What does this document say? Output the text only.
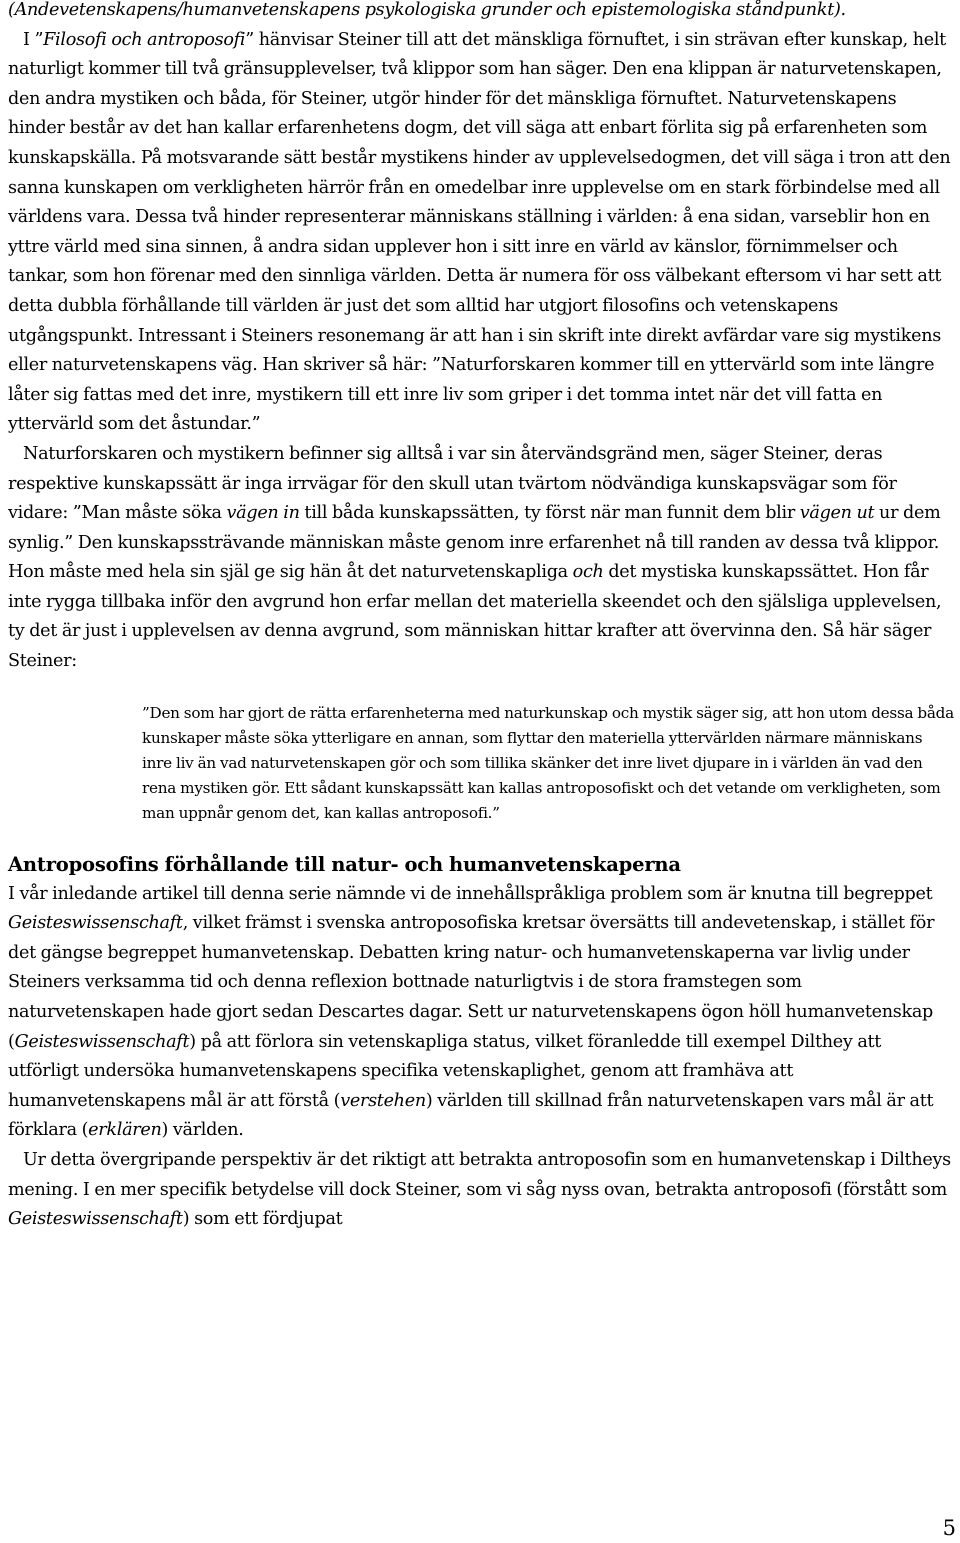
(Andevetenskapens/humanvetenskapens psykologiska grunder och epistemologiska ståndpunkt).

I ”Filosofi och antroposofi” hänvisar Steiner till att det mänskliga förnuftet, i sin strävan efter kunskap, helt naturligt kommer till två gränsupplevelser, två klippor som han säger. Den ena klippan är naturvetenskapen, den andra mystiken och båda, för Steiner, utgör hinder för det mänskliga förnuftet. Naturvetenskapens hinder består av det han kallar erfarenhetens dogm, det vill säga att enbart förlita sig på erfarenheten som kunskapskälla. På motsvarande sätt består mystikens hinder av upplevelsedogmen, det vill säga i tron att den sanna kunskapen om verkligheten härrör från en omedelbar inre upplevelse om en stark förbindelse med all världens vara. Dessa två hinder representerar människans ställning i världen: å ena sidan, varseblir hon en yttre värld med sina sinnen, å andra sidan upplever hon i sitt inre en värld av känslor, förnimmelser och tankar, som hon förenar med den sinnliga världen. Detta är numera för oss välbekant eftersom vi har sett att detta dubbla förhållande till världen är just det som alltid har utgjort filosofins och vetenskapens utgångspunkt. Intressant i Steiners resonemang är att han i sin skrift inte direkt avfärdar vare sig mystikens eller naturvetenskapens väg. Han skriver så här: ”Naturforskaren kommer till en yttervärld som inte längre låter sig fattas med det inre, mystikern till ett inre liv som griper i det tomma intet när det vill fatta en yttervärld som det åstundar.”

Naturforskaren och mystikern befinner sig alltså i var sin återvändsgränd men, säger Steiner, deras respektive kunskapssätt är inga irrvägar för den skull utan tvärtom nödvändiga kunskapsvägar som för vidare: ”Man måste söka vägen in till båda kunskapssätten, ty först när man funnit dem blir vägen ut ur dem synlig.” Den kunskapssträvande människan måste genom inre erfarenhet nå till randen av dessa två klippor. Hon måste med hela sin själ ge sig hän åt det naturvetenskapliga och det mystiska kunskapssättet. Hon får inte rygga tillbaka inför den avgrund hon erfar mellan det materiella skeendet och den själsliga upplevelsen, ty det är just i upplevelsen av denna avgrund, som människan hittar krafter att övervinna den. Så här säger Steiner:

”Den som har gjort de rätta erfarenheterna med naturkunskap och mystik säger sig, att hon utom dessa båda kunskaper måste söka ytterligare en annan, som flyttar den materiella yttervärlden närmare människans inre liv än vad naturvetenskapen gör och som tillika skänker det inre livet djupare in i världen än vad den rena mystiken gör. Ett sådant kunskapssätt kan kallas antroposofiskt och det vetande om verkligheten, som man uppnår genom det, kan kallas antroposofi.”

Antroposofins förhållande till natur- och humanvetenskaperna

I vår inledande artikel till denna serie nämnde vi de innehållspråkliga problem som är knutna till begreppet Geisteswissenschaft, vilket främst i svenska antroposofiska kretsar översätts till andevetenskap, i stället för det gängse begreppet humanvetenskap. Debatten kring natur- och humanvetenskaperna var livlig under Steiners verksamma tid och denna reflexion bottnade naturligtvis i de stora framstegen som naturvetenskapen hade gjort sedan Descartes dagar. Sett ur naturvetenskapens ögon höll humanvetenskap (Geisteswissenschaft) på att förlora sin vetenskapliga status, vilket föranledde till exempel Dilthey att utförligt undersöka humanvetenskapens specifika vetenskaplighet, genom att framhäva att humanvetenskapens mål är att förstå (verstehen) världen till skillnad från naturvetenskapen vars mål är att förklara (erklären) världen.

Ur detta övergripande perspektiv är det riktigt att betrakta antroposofin som en humanvetenskap i Diltheys mening. I en mer specifik betydelse vill dock Steiner, som vi såg nyss ovan, betrakta antroposofi (förstått som Geisteswissenschaft) som ett fördjupat

5
